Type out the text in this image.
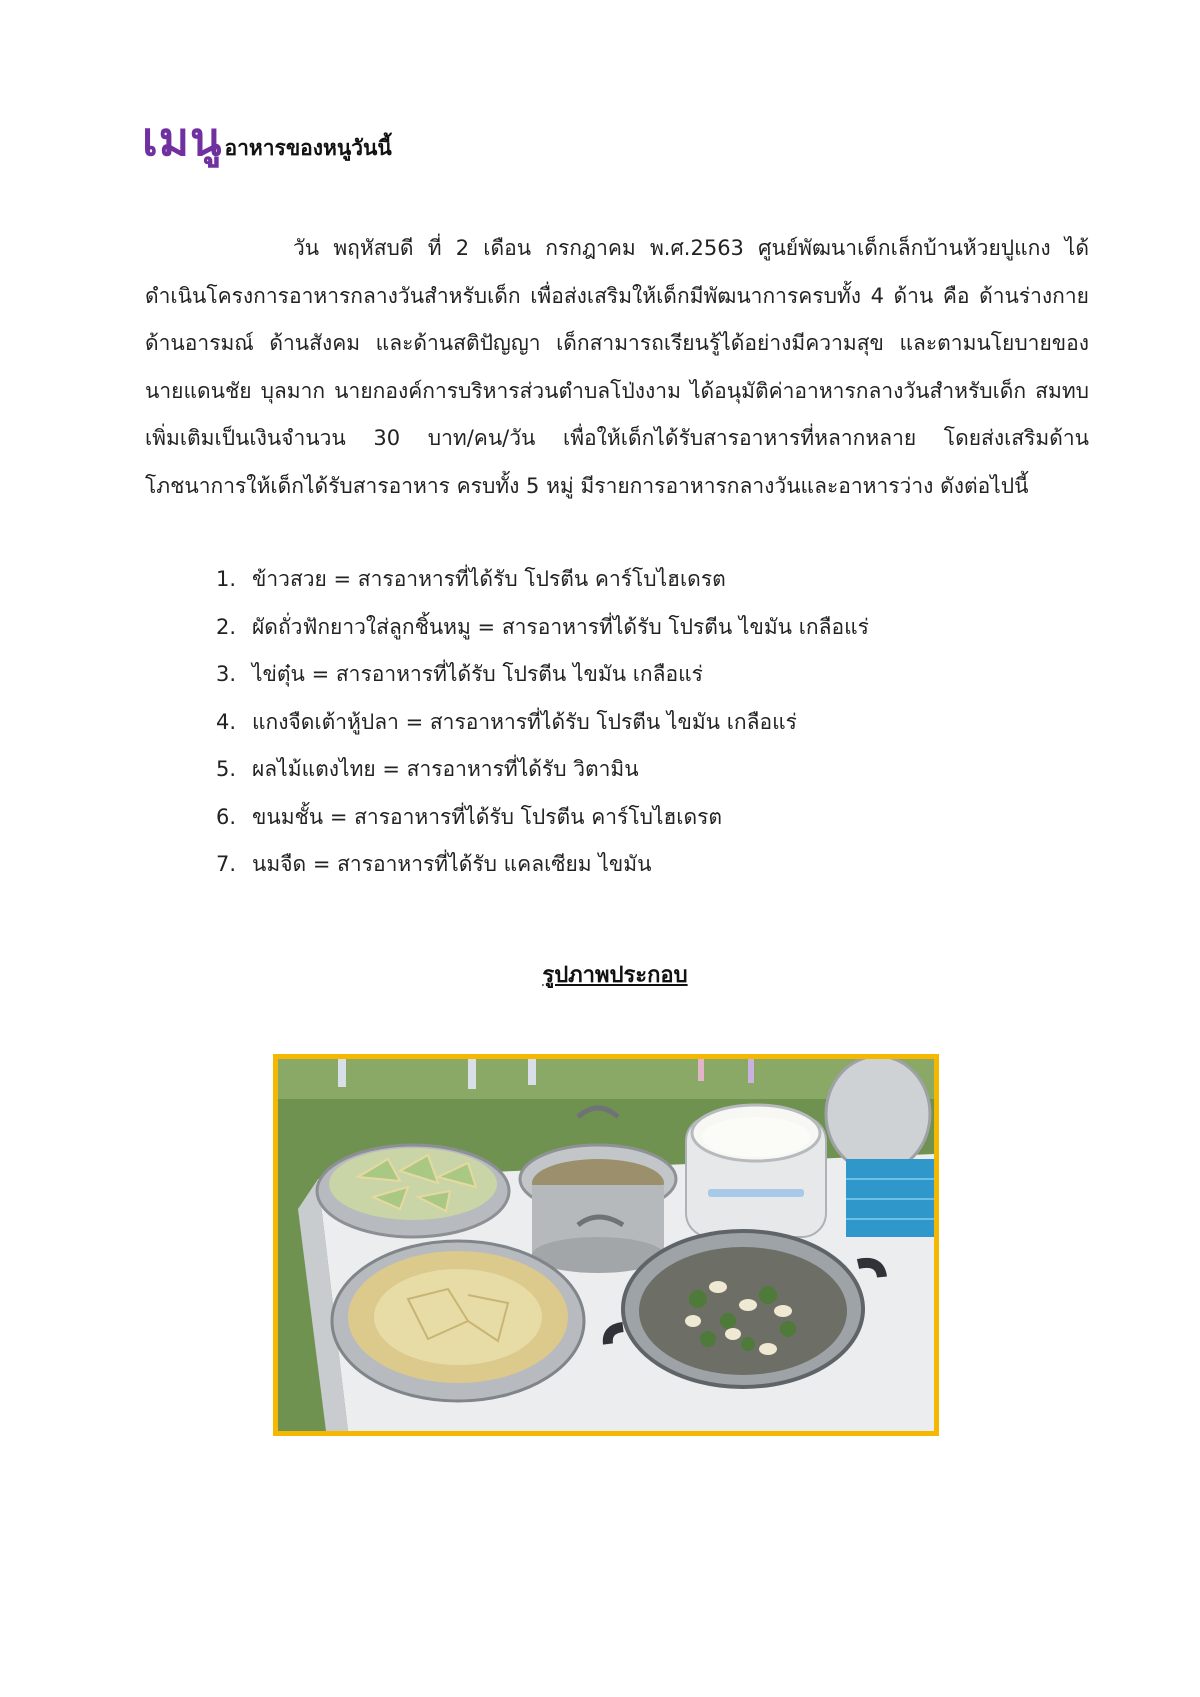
เมนูอาหารของหนูวันนี้

วัน พฤหัสบดี ที่ 2 เดือน กรกฎาคม พ.ศ.2563 ศูนย์พัฒนาเด็กเล็กบ้านห้วยปูแกง ได้ดำเนินโครงการอาหารกลางวันสำหรับเด็ก เพื่อส่งเสริมให้เด็กมีพัฒนาการครบทั้ง 4 ด้าน คือ ด้านร่างกาย ด้านอารมณ์ ด้านสังคม และด้านสติปัญญา เด็กสามารถเรียนรู้ได้อย่างมีความสุข และตามนโยบายของ นายแดนชัย บุลมาก นายกองค์การบริหารส่วนตำบลโป่งงาม ได้อนุมัติค่าอาหารกลางวันสำหรับเด็ก สมทบเพิ่มเติมเป็นเงินจำนวน 30 บาท/คน/วัน เพื่อให้เด็กได้รับสารอาหารที่หลากหลาย โดยส่งเสริมด้านโภชนาการให้เด็กได้รับสารอาหาร ครบทั้ง 5 หมู่ มีรายการอาหารกลางวันและอาหารว่าง ดังต่อไปนี้

1. ข้าวสวย = สารอาหารที่ได้รับ โปรตีน คาร์โบไฮเดรต
2. ผัดถั่วฟักยาวใส่ลูกชิ้นหมู = สารอาหารที่ได้รับ โปรตีน ไขมัน เกลือแร่
3. ไข่ตุ๋น = สารอาหารที่ได้รับ โปรตีน ไขมัน เกลือแร่
4. แกงจืดเต้าหู้ปลา = สารอาหารที่ได้รับ โปรตีน ไขมัน เกลือแร่
5. ผลไม้แตงไทย = สารอาหารที่ได้รับ วิตามิน
6. ขนมชั้น = สารอาหารที่ได้รับ โปรตีน คาร์โบไฮเดรต
7. นมจืด = สารอาหารที่ได้รับ แคลเซียม ไขมัน
รูปภาพประกอบ
